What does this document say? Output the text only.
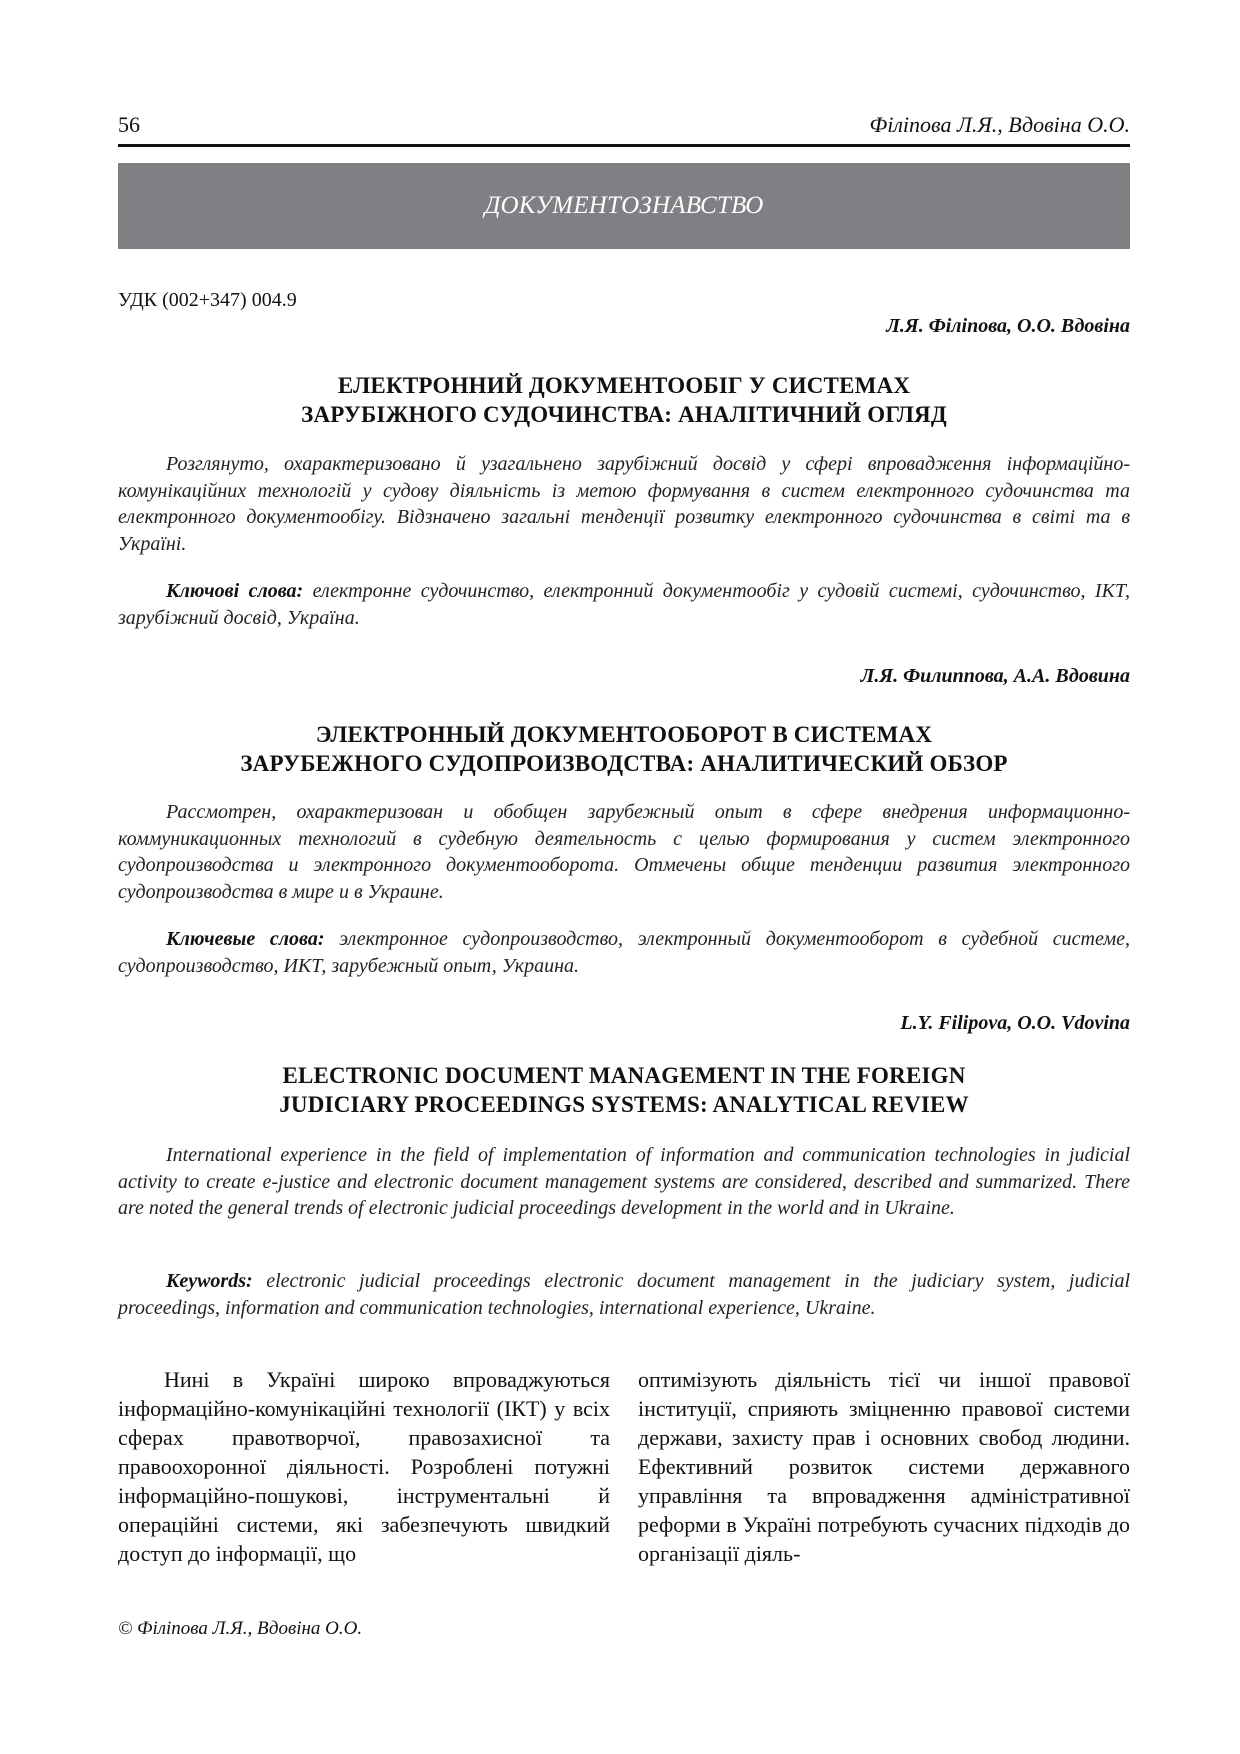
56	Філіпова Л.Я., Вдовіна О.О.
ДОКУМЕНТОЗНАВСТВО
УДК (002+347) 004.9
Л.Я. Філіпова, О.О. Вдовіна
ЕЛЕКТРОННИЙ ДОКУМЕНТООБІГ У СИСТЕМАХ
ЗАРУБІЖНОГО СУДОЧИНСТВА: АНАЛІТИЧНИЙ ОГЛЯД

Розглянуто, охарактеризовано й узагальнено зарубіжний досвід у сфері впровадження інформаційно-комунікаційних технологій у судову діяльність із метою формування в систем електронного судочинства та електронного документообігу. Відзначено загальні тенденції розвитку електронного судочинства в світі та в Україні.

Ключові слова: електронне судочинство, електронний документообіг у судовій системі, судочинство, ІКТ, зарубіжний досвід, Україна.

Л.Я. Филиппова, А.А. Вдовина
ЭЛЕКТРОННЫЙ ДОКУМЕНТООБОРОТ В СИСТЕМАХ
ЗАРУБЕЖНОГО СУДОПРОИЗВОДСТВА: АНАЛИТИЧЕСКИЙ ОБЗОР

Рассмотрен, охарактеризован и обобщен зарубежный опыт в сфере внедрения информационно-коммуникационных технологий в судебную деятельность с целью формирования у систем электронного судопроизводства и электронного документооборота. Отмечены общие тенденции развития электронного судопроизводства в мире и в Украине.

Ключевые слова: электронное судопроизводство, электронный документооборот в судебной системе, судопроизводство, ИКТ, зарубежный опыт, Украина.

L.Y. Filipova, O.O. Vdovina
ELECTRONIC DOCUMENT MANAGEMENT IN THE FOREIGN
JUDICIARY PROCEEDINGS SYSTEMS: ANALYTICAL REVIEW

International experience in the field of implementation of information and communication technologies in judicial activity to create e-justice and electronic document management systems are considered, described and summarized. There are noted the general trends of electronic judicial proceedings development in the world and in Ukraine.

Keywords: electronic judicial proceedings electronic document management in the judiciary system, judicial proceedings, information and communication technologies, international experience, Ukraine.

Нині в Україні широко впроваджуються інформаційно-комунікаційні технології (ІКТ) у всіх сферах правотворчої, правозахисної та правоохоронної діяльності. Розроблені потужні інформаційно-пошукові, інструментальні й операційні системи, які забезпечують швидкий доступ до інформації, що

оптимізують діяльність тієї чи іншої правової інституції, сприяють зміцненню правової системи держави, захисту прав і основних свобод людини. Ефективний розвиток системи державного управління та впровадження адміністративної реформи в Україні потребують сучасних підходів до організації діяль-

© Філіпова Л.Я., Вдовіна О.О.
